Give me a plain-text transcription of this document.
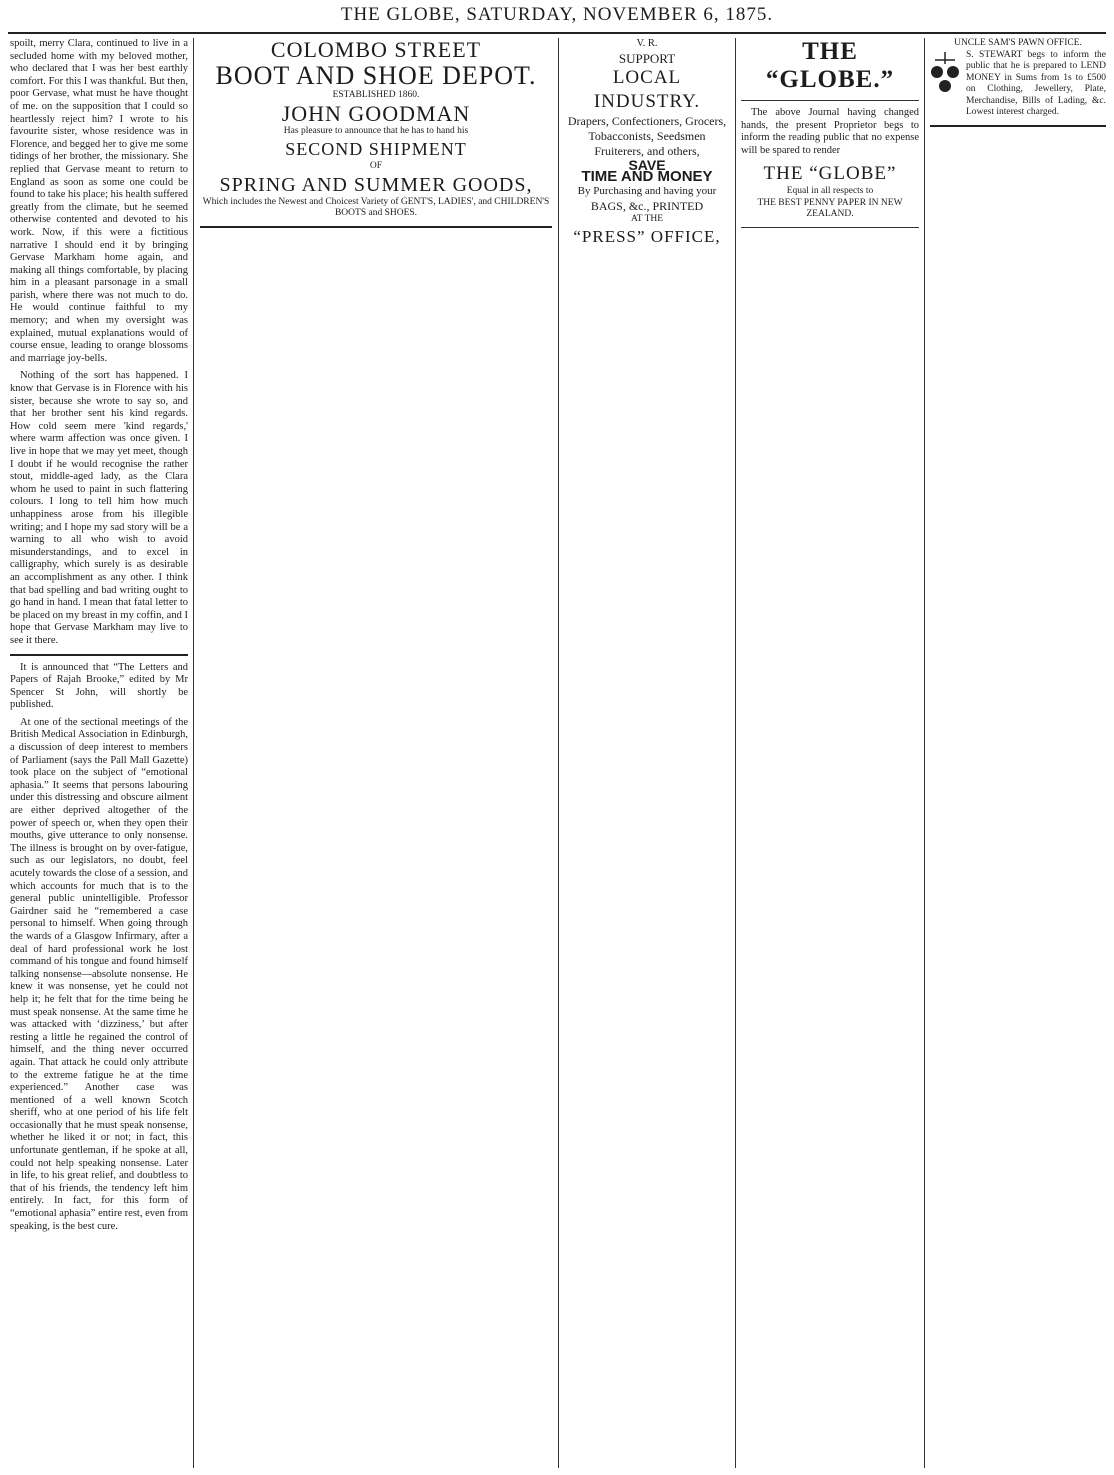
THE GLOBE, SATURDAY, NOVEMBER 6, 1875.

spoilt, merry Clara, continued to live in a secluded home with my beloved mother, who declared that I was her best earthly comfort. For this I was thankful. But then, poor Gervase, what must he have thought of me. on the supposition that I could so heartlessly reject him? I wrote to his favourite sister, whose residence was in Florence, and begged her to give me some tidings of her brother, the missionary. She replied that Gervase meant to return to England as soon as some one could be found to take his place; his health suffered greatly from the climate, but he seemed otherwise contented and devoted to his work. Now, if this were a fictitious narrative I should end it by bringing Gervase Markham home again, and making all things comfortable, by placing him in a pleasant parsonage in a small parish, where there was not much to do. He would continue faithful to my memory; and when my oversight was explained, mutual explanations would of course ensue, leading to orange blossoms and marriage joy-bells.

Nothing of the sort has happened. I know that Gervase is in Florence with his sister, because she wrote to say so, and that her brother sent his kind regards. How cold seem mere 'kind regards,' where warm affection was once given. I live in hope that we may yet meet, though I doubt if he would recognise the rather stout, middle-aged lady, as the Clara whom he used to paint in such flattering colours. I long to tell him how much unhappiness arose from his illegible writing; and I hope my sad story will be a warning to all who wish to avoid misunderstandings, and to excel in calligraphy, which surely is as desirable an accomplishment as any other. I think that bad spelling and bad writing ought to go hand in hand. I mean that fatal letter to be placed on my breast in my coffin, and I hope that Gervase Markham may live to see it there.

It is announced that “The Letters and Papers of Rajah Brooke,” edited by Mr Spencer St John, will shortly be published.

At one of the sectional meetings of the British Medical Association in Edinburgh, a discussion of deep interest to members of Parliament (says the Pall Mall Gazette) took place on the subject of “emotional aphasia.” It seems that persons labouring under this distressing and obscure ailment are either deprived altogether of the power of speech or, when they open their mouths, give utterance to only nonsense. The illness is brought on by over-fatigue, such as our legislators, no doubt, feel acutely towards the close of a session, and which accounts for much that is to the general public unintelligible. Professor Gairdner said he “remembered a case personal to himself. When going through the wards of a Glasgow Infirmary, after a deal of hard professional work he lost command of his tongue and found himself talking nonsense—absolute nonsense. He knew it was nonsense, yet he could not help it; he felt that for the time being he must speak nonsense. At the same time he was attacked with ‘dizziness,’ but after resting a little he regained the control of himself, and the thing never occurred again. That attack he could only attribute to the extreme fatigue he at the time experienced.” Another case was mentioned of a well known Scotch sheriff, who at one period of his life felt occasionally that he must speak nonsense, whether he liked it or not; in fact, this unfortunate gentleman, if he spoke at all, could not help speaking nonsense. Later in life, to his great relief, and doubtless to that of his friends, the tendency left him entirely. In fact, for this form of “emotional aphasia” entire rest, even from speaking, is the best cure.

COLOMBO STREET
BOOT AND SHOE DEPOT.
ESTABLISHED 1860.
JOHN GOODMAN
Has pleasure to announce that he has to hand his
SECOND SHIPMENT
OF
SPRING AND SUMMER GOODS,
Which includes the Newest and Choicest Variety of GENT'S, LADIES', and CHILDREN'S BOOTS and SHOES.
V. R.
SUPPORT
LOCAL INDUSTRY.
Drapers, Confectioners, Grocers, Tobacconists, Seedsmen Fruiterers, and others,
SAVE
TIME AND MONEY
By Purchasing and having your
BAGS, &c., PRINTED
AT THE
“PRESS” OFFICE,
THE “GLOBE.”

The above Journal having changed hands, the present Proprietor begs to inform the reading public that no expense will be spared to render

THE “GLOBE”
Equal in all respects to
THE BEST PENNY PAPER IN NEW ZEALAND.
UNCLE SAM'S PAWN OFFICE.
S. STEWART begs to inform the public that he is prepared to LEND MONEY in Sums from 1s to £500 on Clothing, Jewellery, Plate, Merchandise, Bills of Lading, &c. Lowest interest charged.
